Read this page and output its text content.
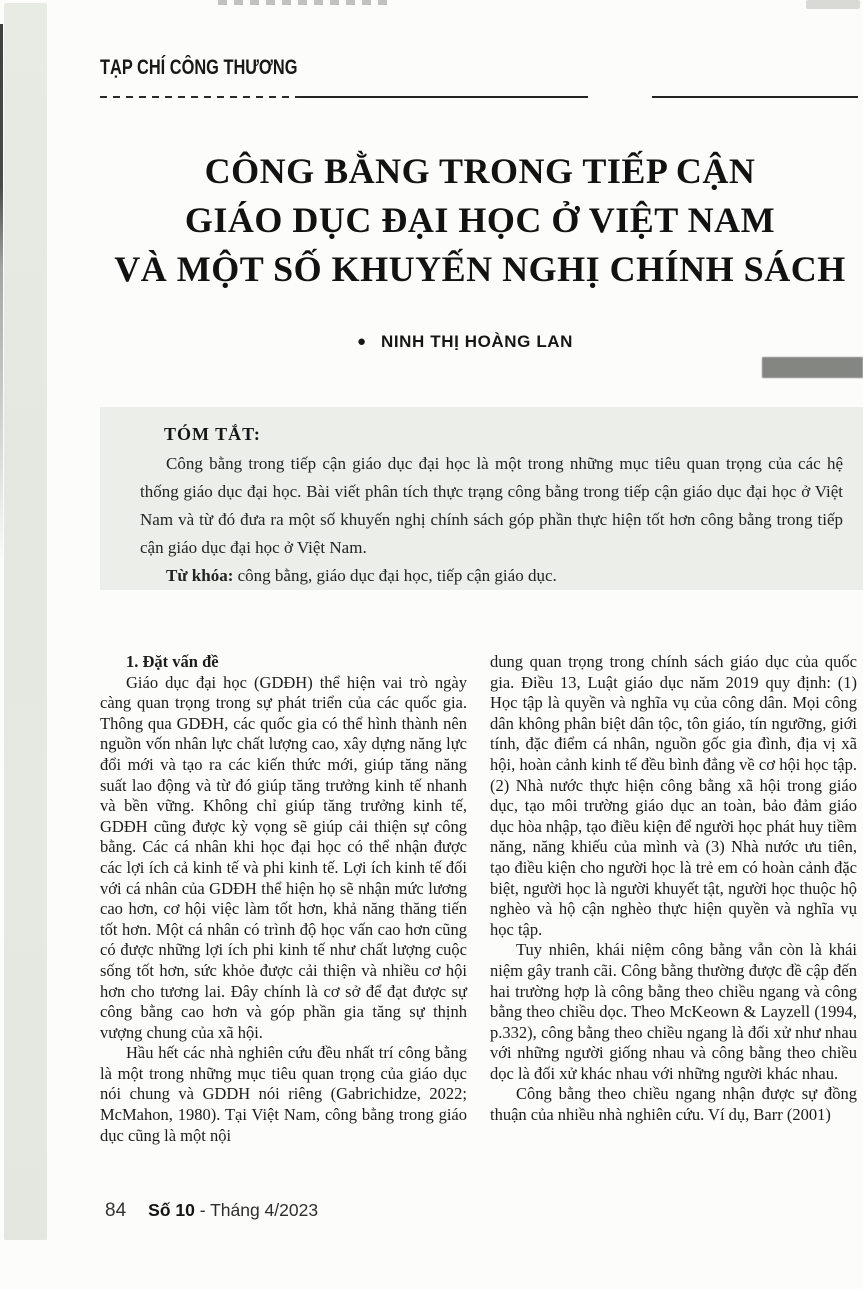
TẠP CHÍ CÔNG THƯƠNG
CÔNG BẰNG TRONG TIẾP CẬN
GIÁO DỤC ĐẠI HỌC Ở VIỆT NAM
VÀ MỘT SỐ KHUYẾN NGHỊ CHÍNH SÁCH
● NINH THỊ HOÀNG LAN

TÓM TẮT:

Công bằng trong tiếp cận giáo dục đại học là một trong những mục tiêu quan trọng của các hệ thống giáo dục đại học. Bài viết phân tích thực trạng công bằng trong tiếp cận giáo dục đại học ở Việt Nam và từ đó đưa ra một số khuyến nghị chính sách góp phần thực hiện tốt hơn công bằng trong tiếp cận giáo dục đại học ở Việt Nam.

Từ khóa: công bằng, giáo dục đại học, tiếp cận giáo dục.

1. Đặt vấn đề

Giáo dục đại học (GDĐH) thể hiện vai trò ngày càng quan trọng trong sự phát triển của các quốc gia. Thông qua GDĐH, các quốc gia có thể hình thành nên nguồn vốn nhân lực chất lượng cao, xây dựng năng lực đổi mới và tạo ra các kiến thức mới, giúp tăng năng suất lao động và từ đó giúp tăng trưởng kinh tế nhanh và bền vững. Không chỉ giúp tăng trưởng kinh tế, GDĐH cũng được kỳ vọng sẽ giúp cải thiện sự công bằng. Các cá nhân khi học đại học có thể nhận được các lợi ích cả kinh tế và phi kinh tế. Lợi ích kinh tế đối với cá nhân của GDĐH thể hiện họ sẽ nhận mức lương cao hơn, cơ hội việc làm tốt hơn, khả năng thăng tiến tốt hơn. Một cá nhân có trình độ học vấn cao hơn cũng có được những lợi ích phi kinh tế như chất lượng cuộc sống tốt hơn, sức khỏe được cải thiện và nhiều cơ hội hơn cho tương lai. Đây chính là cơ sở để đạt được sự công bằng cao hơn và góp phần gia tăng sự thịnh vượng chung của xã hội.

Hầu hết các nhà nghiên cứu đều nhất trí công bằng là một trong những mục tiêu quan trọng của giáo dục nói chung và GDDH nói riêng (Gabrichidze, 2022; McMahon, 1980). Tại Việt Nam, công bằng trong giáo dục cũng là một nội

dung quan trọng trong chính sách giáo dục của quốc gia. Điều 13, Luật giáo dục năm 2019 quy định: (1) Học tập là quyền và nghĩa vụ của công dân. Mọi công dân không phân biệt dân tộc, tôn giáo, tín ngưỡng, giới tính, đặc điểm cá nhân, nguồn gốc gia đình, địa vị xã hội, hoàn cảnh kinh tế đều bình đẳng về cơ hội học tập. (2) Nhà nước thực hiện công bằng xã hội trong giáo dục, tạo môi trường giáo dục an toàn, bảo đảm giáo dục hòa nhập, tạo điều kiện để người học phát huy tiềm năng, năng khiếu của mình và (3) Nhà nước ưu tiên, tạo điều kiện cho người học là trẻ em có hoàn cảnh đặc biệt, người học là người khuyết tật, người học thuộc hộ nghèo và hộ cận nghèo thực hiện quyền và nghĩa vụ học tập.

Tuy nhiên, khái niệm công bằng vẫn còn là khái niệm gây tranh cãi. Công bằng thường được đề cập đến hai trường hợp là công bằng theo chiều ngang và công bằng theo chiều dọc. Theo McKeown & Layzell (1994, p.332), công bằng theo chiều ngang là đối xử như nhau với những người giống nhau và công bằng theo chiều dọc là đối xử khác nhau với những người khác nhau.

Công bằng theo chiều ngang nhận được sự đồng thuận của nhiều nhà nghiên cứu. Ví dụ, Barr (2001)

84 Số 10 - Tháng 4/2023
